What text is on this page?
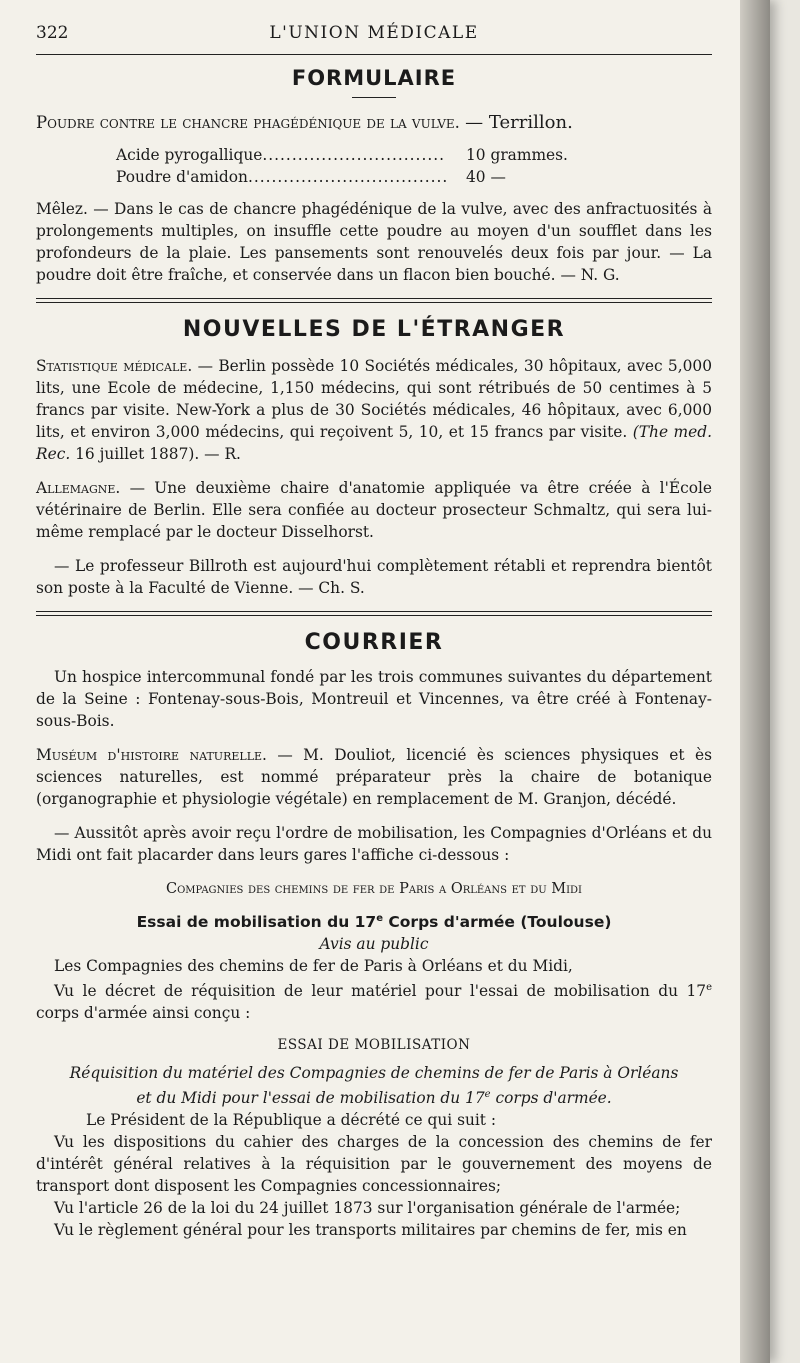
322	L'UNION MÉDICALE
FORMULAIRE

Poudre contre le chancre phagédénique de la vulve. — Terrillon.

Acide pyrogallique .....	10 grammes.
Poudre d'amidon .....	40 —

Mêlez. — Dans le cas de chancre phagédénique de la vulve, avec des anfractuosités à prolongements multiples, on insuffle cette poudre au moyen d'un soufflet dans les profondeurs de la plaie. Les pansements sont renouvelés deux fois par jour. — La poudre doit être fraîche, et conservée dans un flacon bien bouché. — N. G.

NOUVELLES DE L'ÉTRANGER

Statistique médicale. — Berlin possède 10 Sociétés médicales, 30 hôpitaux, avec 5,000 lits, une Ecole de médecine, 1,150 médecins, qui sont rétribués de 50 centimes à 5 francs par visite. New-York a plus de 30 Sociétés médicales, 46 hôpitaux, avec 6,000 lits, et environ 3,000 médecins, qui reçoivent 5, 10, et 15 francs par visite. (The med. Rec. 16 juillet 1887). — R.

Allemagne. — Une deuxième chaire d'anatomie appliquée va être créée à l'École vétérinaire de Berlin. Elle sera confiée au docteur prosecteur Schmaltz, qui sera lui-même remplacé par le docteur Disselhorst.

— Le professeur Billroth est aujourd'hui complètement rétabli et reprendra bientôt son poste à la Faculté de Vienne. — Ch. S.

COURRIER

Un hospice intercommunal fondé par les trois communes suivantes du département de la Seine : Fontenay-sous-Bois, Montreuil et Vincennes, va être créé à Fontenay-sous-Bois.

Muséum d'histoire naturelle. — M. Douliot, licencié ès sciences physiques et ès sciences naturelles, est nommé préparateur près la chaire de botanique (organographie et physiologie végétale) en remplacement de M. Granjon, décédé.

— Aussitôt après avoir reçu l'ordre de mobilisation, les Compagnies d'Orléans et du Midi ont fait placarder dans leurs gares l'affiche ci-dessous :

Compagnies des chemins de fer de Paris a Orléans et du Midi

Essai de mobilisation du 17e Corps d'armée (Toulouse)

Avis au public

Les Compagnies des chemins de fer de Paris à Orléans et du Midi,

Vu le décret de réquisition de leur matériel pour l'essai de mobilisation du 17e corps d'armée ainsi conçu :

ESSAI DE MOBILISATION

Réquisition du matériel des Compagnies de chemins de fer de Paris à Orléans et du Midi pour l'essai de mobilisation du 17e corps d'armée.

Le Président de la République a décrété ce qui suit :

Vu les dispositions du cahier des charges de la concession des chemins de fer d'intérêt général relatives à la réquisition par le gouvernement des moyens de transport dont disposent les Compagnies concessionnaires;

Vu l'article 26 de la loi du 24 juillet 1873 sur l'organisation générale de l'armée;

Vu le règlement général pour les transports militaires par chemins de fer, mis en
